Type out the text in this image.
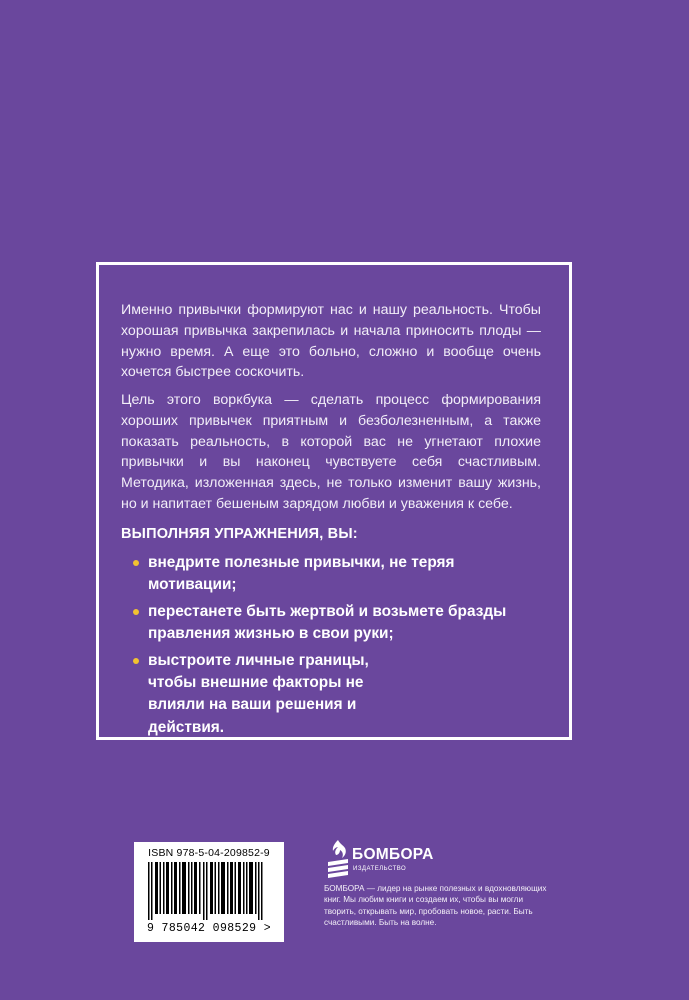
Именно привычки формируют нас и нашу реальность. Чтобы хорошая привычка закрепилась и начала приносить плоды — нужно время. А еще это больно, сложно и вообще очень хочется быстрее соскочить.

Цель этого воркбука — сделать процесс формирования хороших привычек приятным и безболезненным, а также показать реальность, в которой вас не угнетают плохие привычки и вы наконец чувствуете себя счастливым. Методика, изложенная здесь, не только изменит вашу жизнь, но и напитает бешеным зарядом любви и уважения к себе.

ВЫПОЛНЯЯ УПРАЖНЕНИЯ, ВЫ:

внедрите полезные привычки, не теряя мотивации;
перестанете быть жертвой и возьмете бразды правления жизнью в свои руки;
выстроите личные границы, чтобы внешние факторы не влияли на ваши решения и действия.
ISBN 978-5-04-209852-9
9 785042 098529 >
БОМБОРА
ИЗДАТЕЛЬСТВО

БОМБОРА — лидер на рынке полезных и вдохновляющих книг. Мы любим книги и создаем их, чтобы вы могли творить, открывать мир, пробовать новое, расти. Быть счастливыми. Быть на волне.
